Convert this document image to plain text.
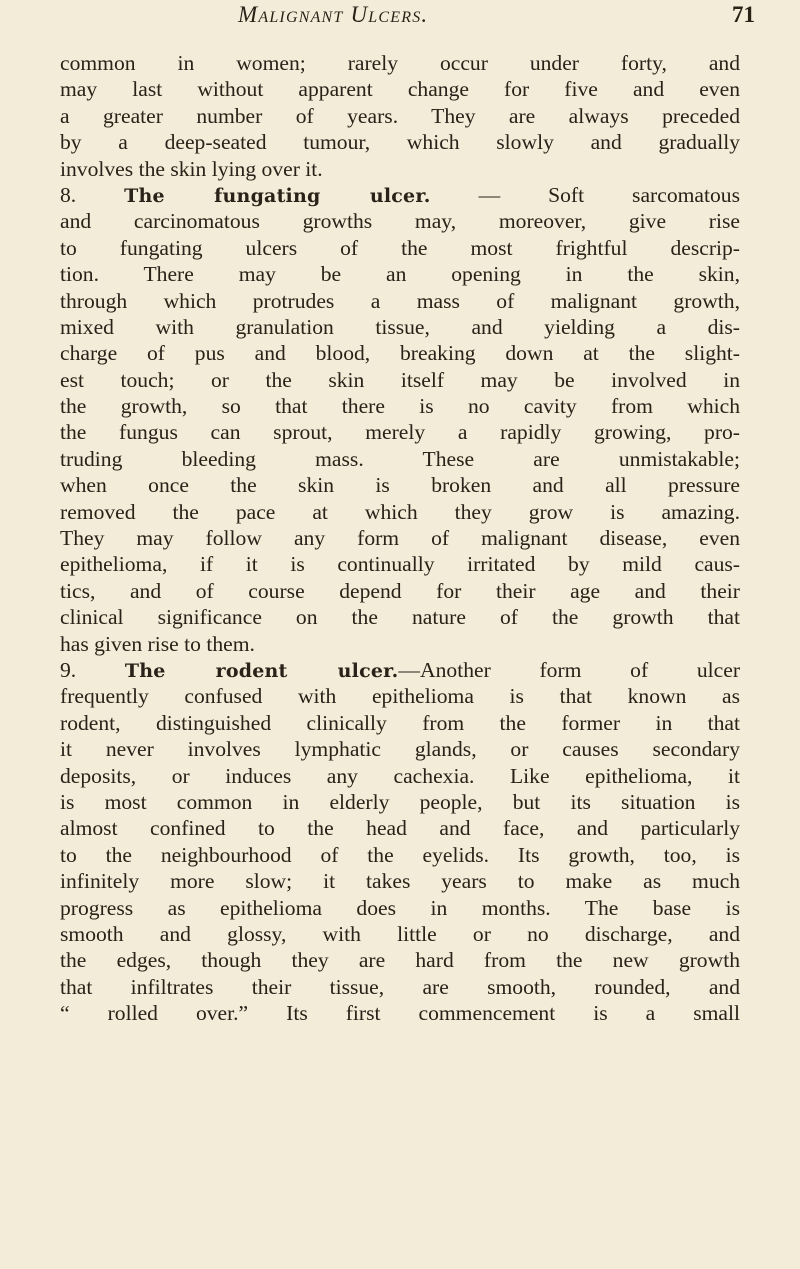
Malignant Ulcers.	71
common in women; rarely occur under forty, and
may last without apparent change for five and even
a greater number of years. They are always preceded
by a deep-seated tumour, which slowly and gradually
involves the skin lying over it.
8. The fungating ulcer. — Soft sarcomatous
and carcinomatous growths may, moreover, give rise
to fungating ulcers of the most frightful descrip-
tion. There may be an opening in the skin,
through which protrudes a mass of malignant growth,
mixed with granulation tissue, and yielding a dis-
charge of pus and blood, breaking down at the slight-
est touch; or the skin itself may be involved in
the growth, so that there is no cavity from which
the fungus can sprout, merely a rapidly growing, pro-
truding bleeding mass. These are unmistakable;
when once the skin is broken and all pressure
removed the pace at which they grow is amazing.
They may follow any form of malignant disease, even
epithelioma, if it is continually irritated by mild caus-
tics, and of course depend for their age and their
clinical significance on the nature of the growth that
has given rise to them.
9. The rodent ulcer.—Another form of ulcer
frequently confused with epithelioma is that known as
rodent, distinguished clinically from the former in that
it never involves lymphatic glands, or causes secondary
deposits, or induces any cachexia. Like epithelioma, it
is most common in elderly people, but its situation is
almost confined to the head and face, and particularly
to the neighbourhood of the eyelids. Its growth, too, is
infinitely more slow; it takes years to make as much
progress as epithelioma does in months. The base is
smooth and glossy, with little or no discharge, and
the edges, though they are hard from the new growth
that infiltrates their tissue, are smooth, rounded, and
“ rolled over.” Its first commencement is a small
